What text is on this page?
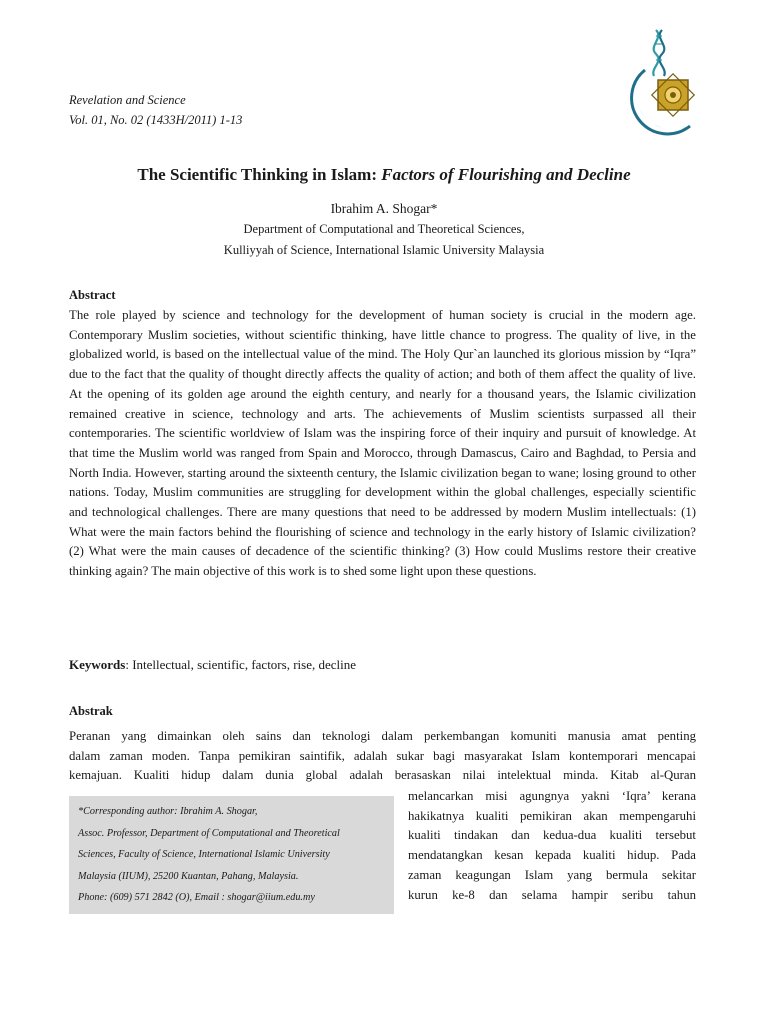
Revelation and Science
Vol. 01, No. 02 (1433H/2011) 1-13
The Scientific Thinking in Islam: Factors of Flourishing and Decline
Ibrahim A. Shogar*
Department of Computational and Theoretical Sciences,
Kulliyyah of Science, International Islamic University Malaysia
Abstract

The role played by science and technology for the development of human society is crucial in the modern age. Contemporary Muslim societies, without scientific thinking, have little chance to progress. The quality of live, in the globalized world, is based on the intellectual value of the mind. The Holy Qur`an launched its glorious mission by “Iqra” due to the fact that the quality of thought directly affects the quality of action; and both of them affect the quality of live. At the opening of its golden age around the eighth century, and nearly for a thousand years, the Islamic civilization remained creative in science, technology and arts. The achievements of Muslim scientists surpassed all their contemporaries. The scientific worldview of Islam was the inspiring force of their inquiry and pursuit of knowledge. At that time the Muslim world was ranged from Spain and Morocco, through Damascus, Cairo and Baghdad, to Persia and North India. However, starting around the sixteenth century, the Islamic civilization began to wane; losing ground to other nations. Today, Muslim communities are struggling for development within the global challenges, especially scientific and technological challenges. There are many questions that need to be addressed by modern Muslim intellectuals: (1) What were the main factors behind the flourishing of science and technology in the early history of Islamic civilization? (2) What were the main causes of decadence of the scientific thinking? (3) How could Muslims restore their creative thinking again? The main objective of this work is to shed some light upon these questions.

Keywords: Intellectual, scientific, factors, rise, decline
Abstrak

Peranan yang dimainkan oleh sains dan teknologi dalam perkembangan komuniti manusia amat penting
dalam zaman moden. Tanpa pemikiran saintifik, adalah sukar bagi masyarakat Islam kontemporari mencapai
kemajuan. Kualiti hidup dalam dunia global adalah berasaskan nilai intelektual minda. Kitab al-Quran

melancarkan misi agungnya yakni ‘Iqra’ kerana
hakikatnya kualiti pemikiran akan mempengaruhi
kualiti tindakan dan kedua-dua kualiti tersebut
mendatangkan kesan kepada kualiti hidup. Pada
zaman keagungan Islam yang bermula sekitar
kurun ke-8 dan selama hampir seribu tahun

*Corresponding author: Ibrahim A. Shogar,
Assoc. Professor, Department of Computational and Theoretical
Sciences, Faculty of Science, International Islamic University
Malaysia (IIUM), 25200 Kuantan, Pahang, Malaysia.
Phone: (609) 571 2842 (O), Email : shogar@iium.edu.my
